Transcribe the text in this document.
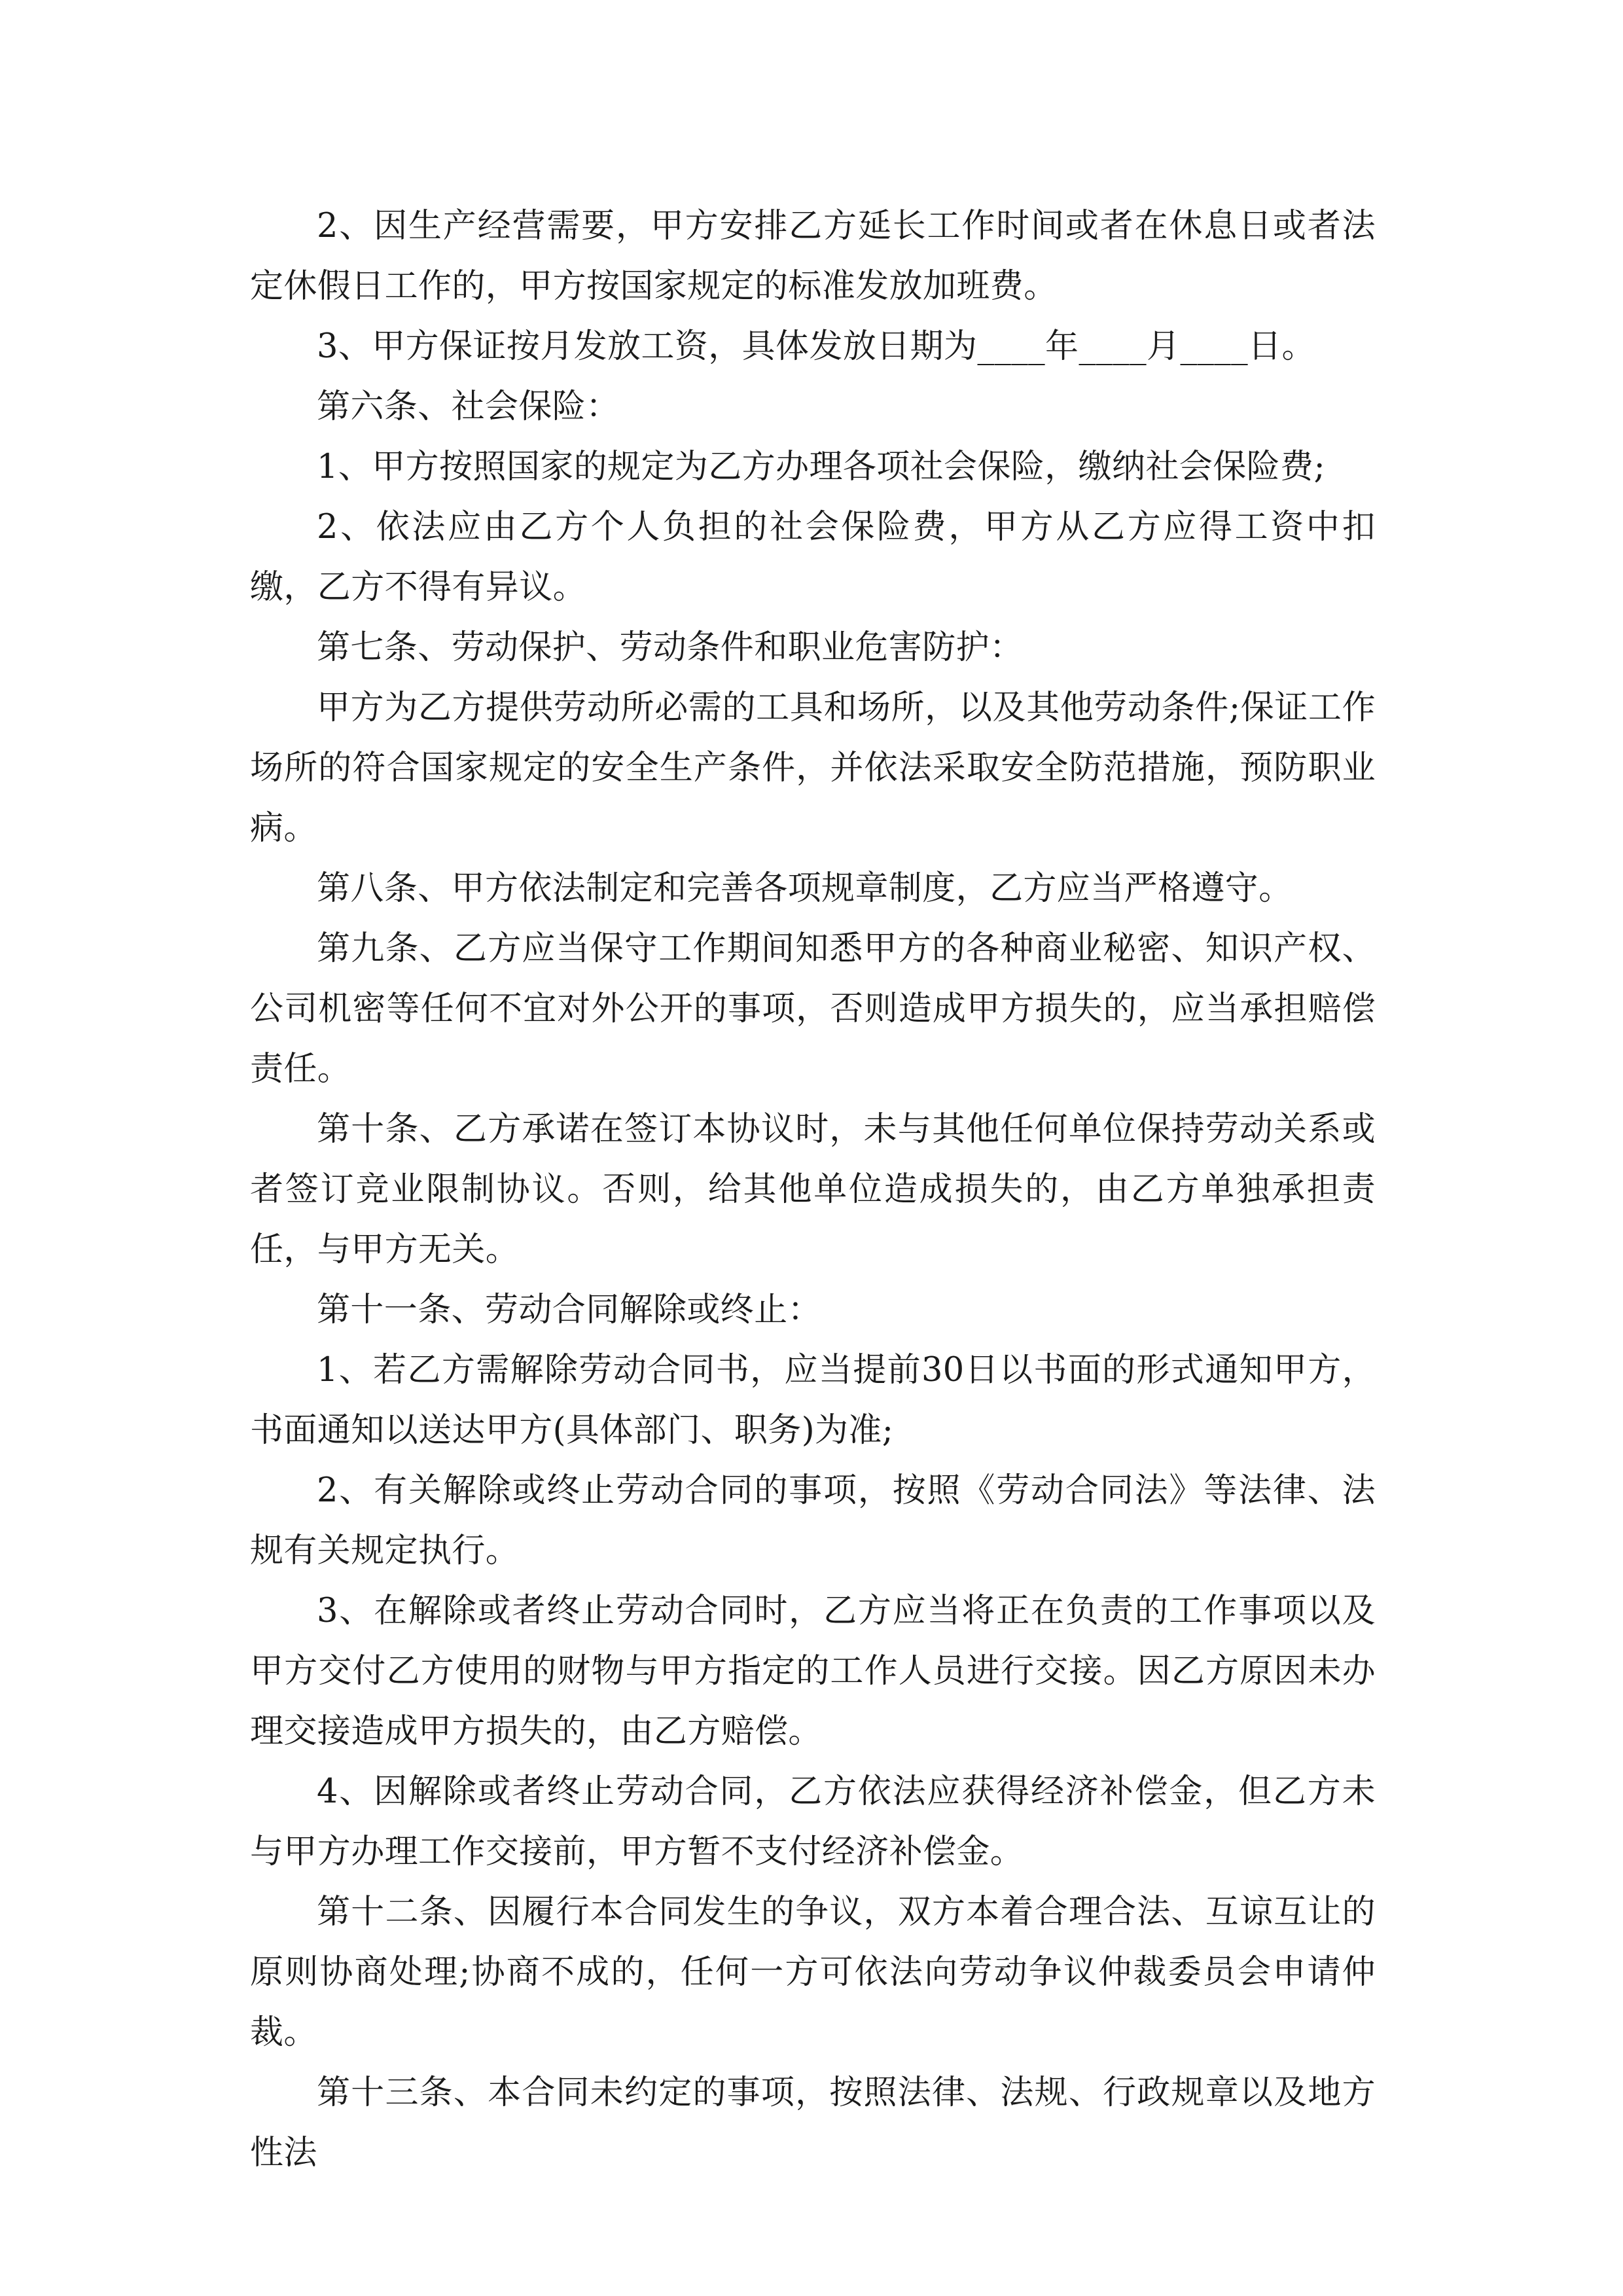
2、因生产经营需要，甲方安排乙方延长工作时间或者在休息日或者法定休假日工作的，甲方按国家规定的标准发放加班费。

3、甲方保证按月发放工资，具体发放日期为____年____月____日。

第六条、社会保险：

1、甲方按照国家的规定为乙方办理各项社会保险，缴纳社会保险费;

2、依法应由乙方个人负担的社会保险费，甲方从乙方应得工资中扣缴，乙方不得有异议。

第七条、劳动保护、劳动条件和职业危害防护：

甲方为乙方提供劳动所必需的工具和场所，以及其他劳动条件;保证工作场所的符合国家规定的安全生产条件，并依法采取安全防范措施，预防职业病。

第八条、甲方依法制定和完善各项规章制度，乙方应当严格遵守。

第九条、乙方应当保守工作期间知悉甲方的各种商业秘密、知识产权、公司机密等任何不宜对外公开的事项，否则造成甲方损失的，应当承担赔偿责任。

第十条、乙方承诺在签订本协议时，未与其他任何单位保持劳动关系或者签订竞业限制协议。否则，给其他单位造成损失的，由乙方单独承担责任，与甲方无关。

第十一条、劳动合同解除或终止：

1、若乙方需解除劳动合同书，应当提前30日以书面的形式通知甲方，书面通知以送达甲方(具体部门、职务)为准;

2、有关解除或终止劳动合同的事项，按照《劳动合同法》等法律、法规有关规定执行。

3、在解除或者终止劳动合同时，乙方应当将正在负责的工作事项以及甲方交付乙方使用的财物与甲方指定的工作人员进行交接。因乙方原因未办理交接造成甲方损失的，由乙方赔偿。

4、因解除或者终止劳动合同，乙方依法应获得经济补偿金，但乙方未与甲方办理工作交接前，甲方暂不支付经济补偿金。

第十二条、因履行本合同发生的争议，双方本着合理合法、互谅互让的原则协商处理;协商不成的，任何一方可依法向劳动争议仲裁委员会申请仲裁。

第十三条、本合同未约定的事项，按照法律、法规、行政规章以及地方性法
